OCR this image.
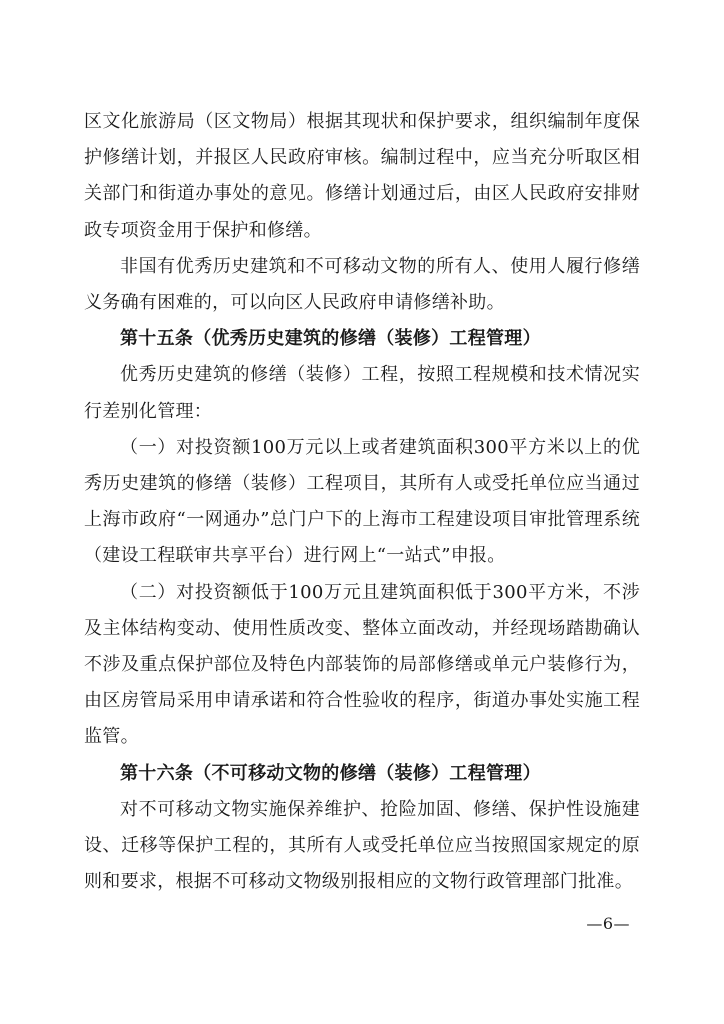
区文化旅游局（区文物局）根据其现状和保护要求，组织编制年度保护修缮计划，并报区人民政府审核。编制过程中，应当充分听取区相关部门和街道办事处的意见。修缮计划通过后，由区人民政府安排财政专项资金用于保护和修缮。

非国有优秀历史建筑和不可移动文物的所有人、使用人履行修缮义务确有困难的，可以向区人民政府申请修缮补助。

第十五条（优秀历史建筑的修缮（装修）工程管理）

优秀历史建筑的修缮（装修）工程，按照工程规模和技术情况实行差别化管理：

（一）对投资额100万元以上或者建筑面积300平方米以上的优秀历史建筑的修缮（装修）工程项目，其所有人或受托单位应当通过上海市政府“一网通办”总门户下的上海市工程建设项目审批管理系统（建设工程联审共享平台）进行网上“一站式”申报。

（二）对投资额低于100万元且建筑面积低于300平方米，不涉及主体结构变动、使用性质改变、整体立面改动，并经现场踏勘确认不涉及重点保护部位及特色内部装饰的局部修缮或单元户装修行为，由区房管局采用申请承诺和符合性验收的程序，街道办事处实施工程监管。

第十六条（不可移动文物的修缮（装修）工程管理）

对不可移动文物实施保养维护、抢险加固、修缮、保护性设施建设、迁移等保护工程的，其所有人或受托单位应当按照国家规定的原则和要求，根据不可移动文物级别报相应的文物行政管理部门批准。

—6—
